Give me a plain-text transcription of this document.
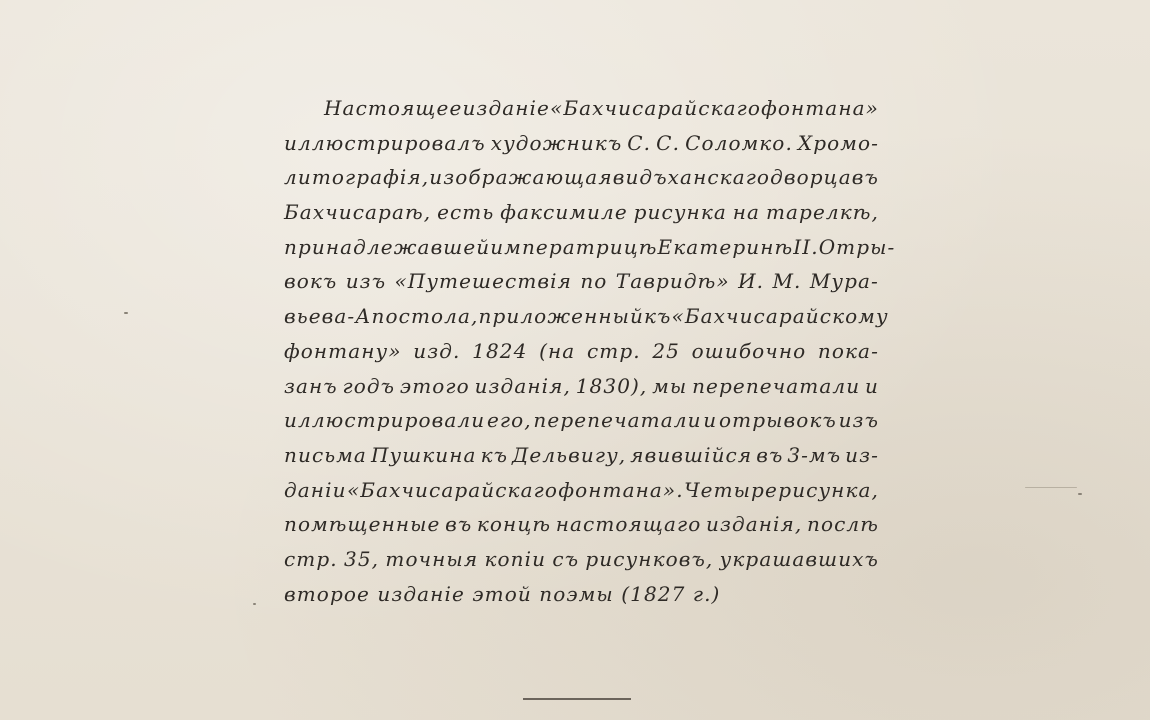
Настоящее изданіе «Бахчисарайскаго фонтана»
иллюстрировалъ художникъ С. С. Соломко. Хромо-
литографія, изображающая видъ ханскаго дворца въ
Бахчисараѣ, есть факсимиле рисунка на тарелкѣ,
принадлежавшей императрицѣ Екатеринѣ II. Отры-
вокъ изъ «Путешествія по Тавридѣ» И. М. Мура-
вьева-Апостола, приложенный къ «Бахчисарайскому
фонтану» изд. 1824 (на стр. 25 ошибочно пока-
занъ годъ этого изданія, 1830), мы перепечатали и
иллюстрировали его, перепечатали и отрывокъ изъ
письма Пушкина къ Дельвигу, явившійся въ 3-мъ из-
даніи «Бахчисарайскаго фонтана». Четыре рисунка,
помѣщенные въ концѣ настоящаго изданія, послѣ
стр. 35, точныя копіи съ рисунковъ, украшавшихъ
второе изданіе этой поэмы (1827 г.)
